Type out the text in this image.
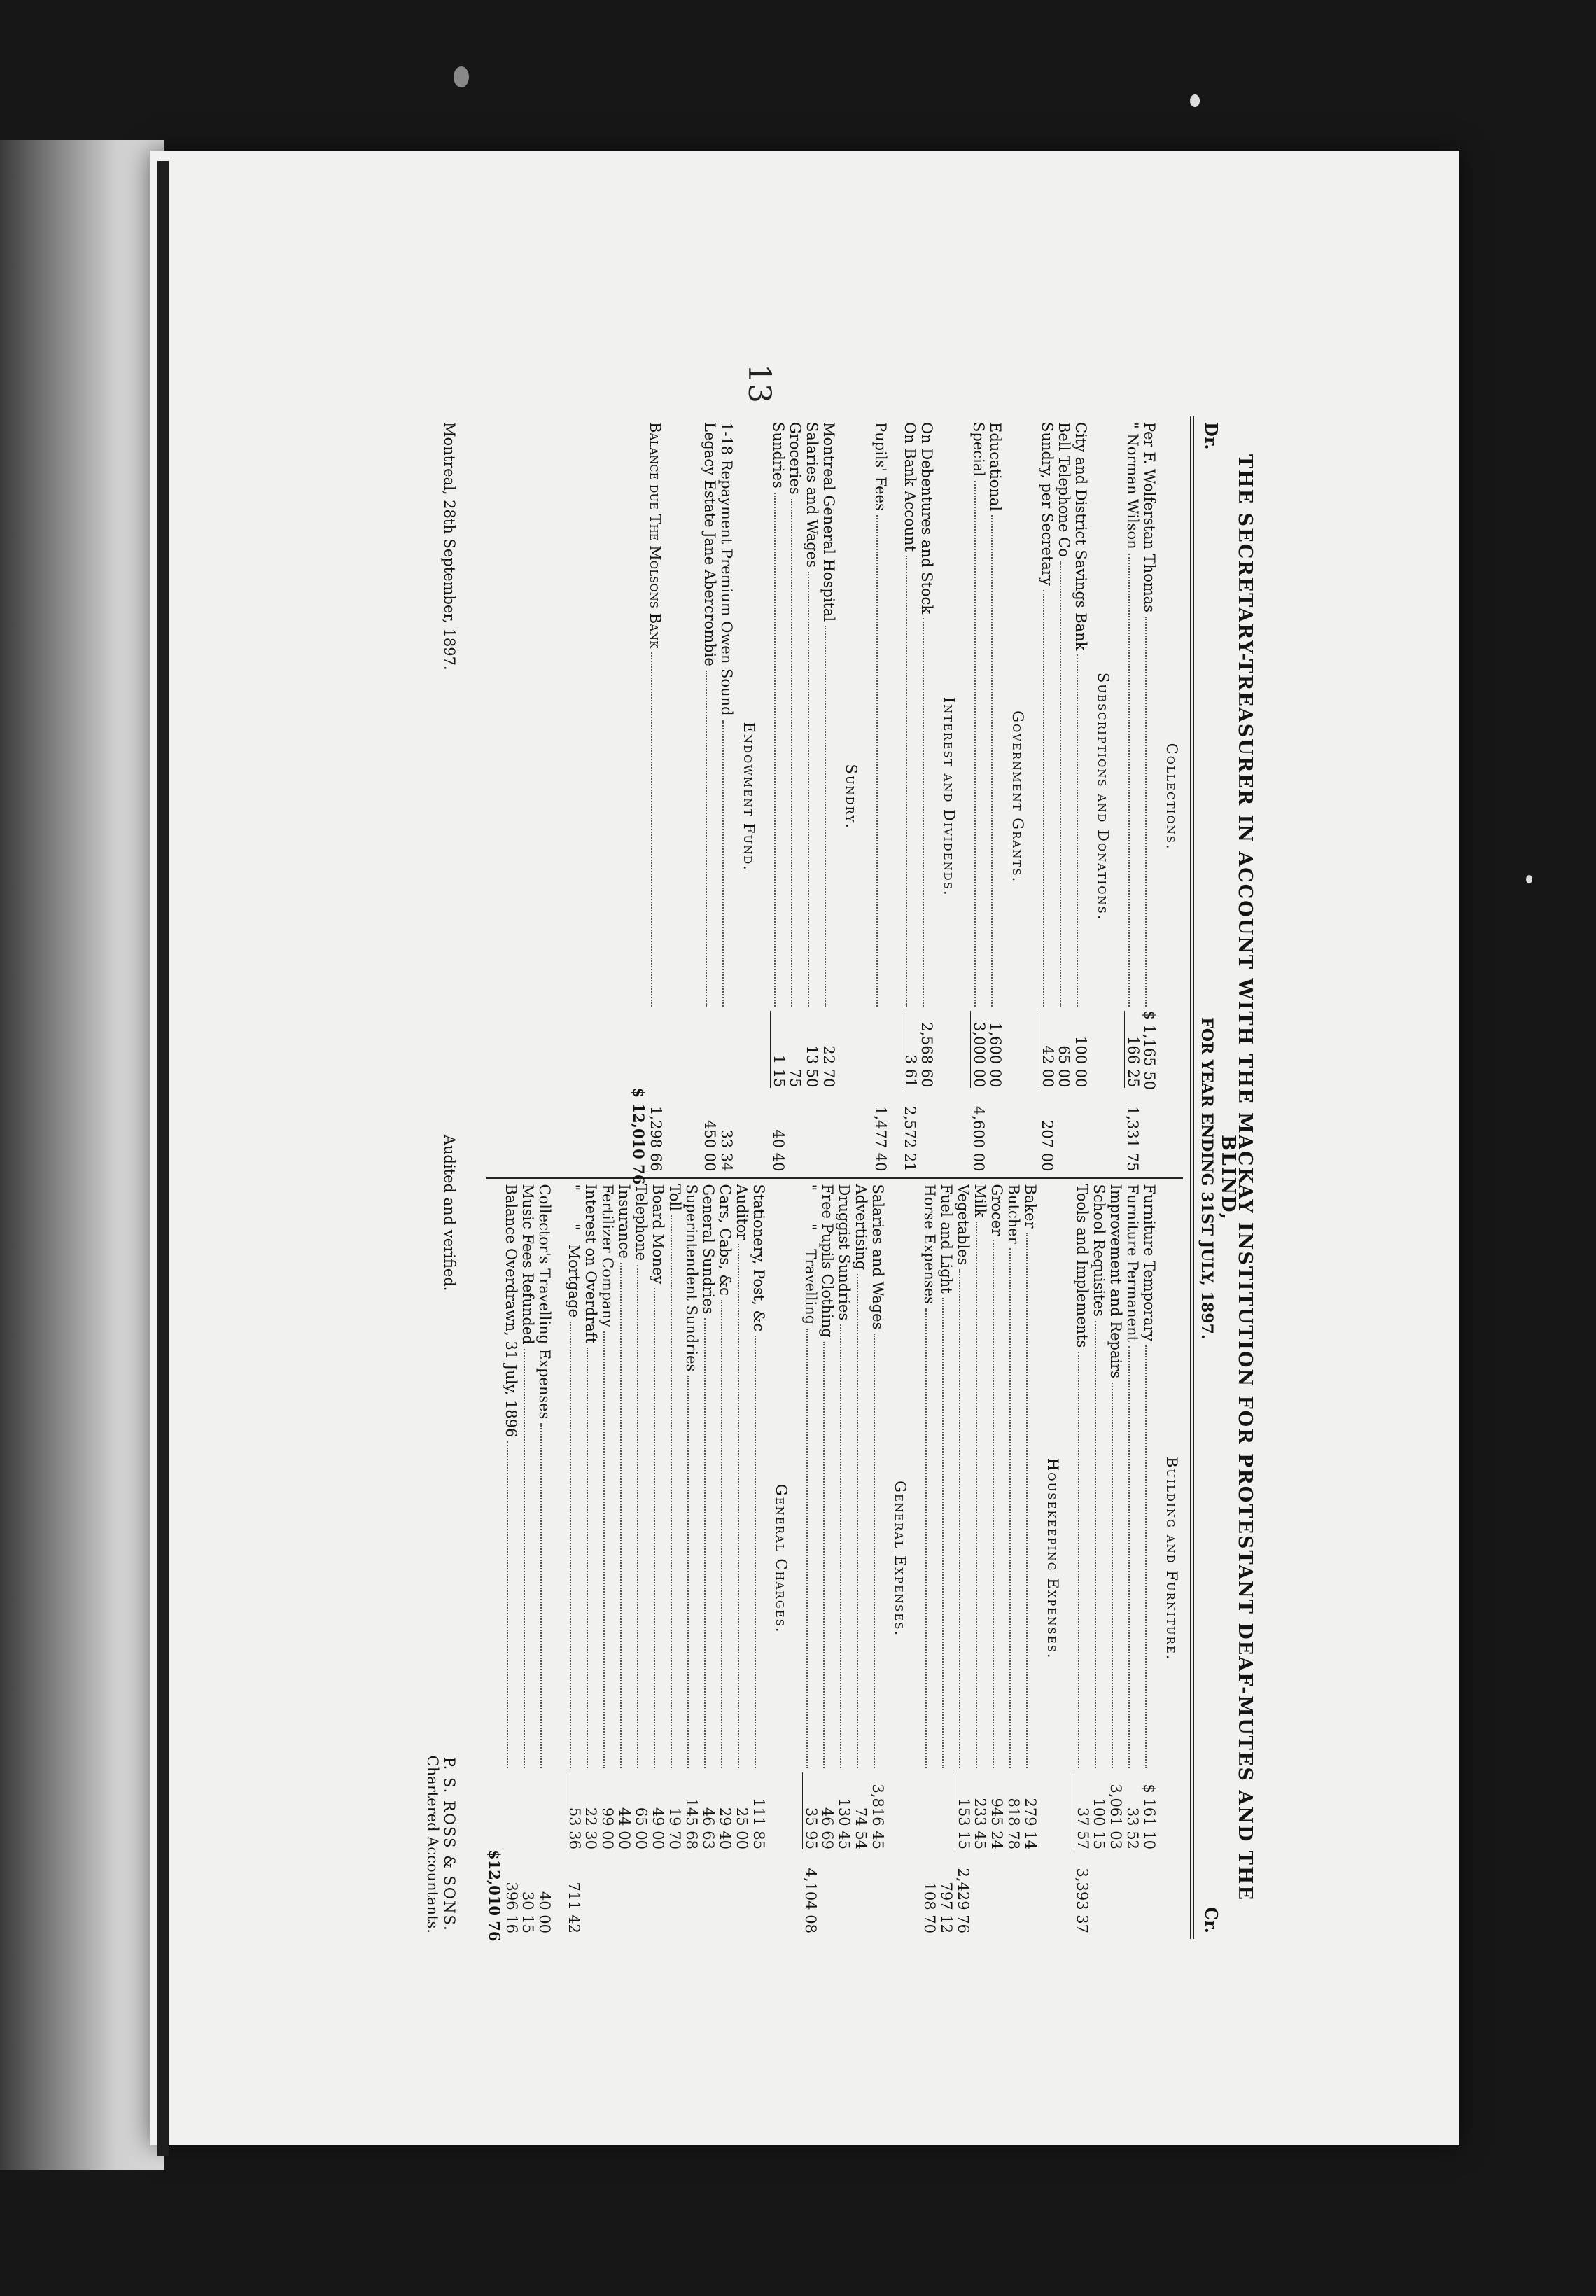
13
THE SECRETARY-TREASURER IN ACCOUNT WITH THE MACKAY INSTITUTION FOR PROTESTANT DEAF-MUTES AND THE BLIND,
Dr.
FOR YEAR ENDING 31ST JULY, 1897.
Cr.
Collections.
Per F. Wolferstan Thomas
$ 1,165 50
" Norman Wilson
166 25
1,331 75
Subscriptions and Donations.
City and District Savings Bank
100 00
Bell Telephone Co
65 00
Sundry, per Secretary
42 00
207 00
Government Grants.
Educational
1,600 00
Special
3,000 00
4,600 00
Interest and Dividends.
On Debentures and Stock
2,568 60
On Bank Account
3 61
2,572 21
Pupils' Fees
1,477 40
Sundry.
Montreal General Hospital
22 70
Salaries and Wages
13 50
Groceries
75
Sundries
1 15
40 40
Endowment Fund.
1-18 Repayment Premium Owen Sound
33 34
Legacy Estate Jane Abercrombie
450 00
Balance due The Molsons Bank
1,298 66
$ 12,010 76
Building and Furniture.
Furniture Temporary
$ 161 10
Furniture Permanent
33 52
Improvement and Repairs
3,061 03
School Requisites
100 15
Tools and Implements
37 57
3,393 37
Housekeeping Expenses.
Baker
279 14
Butcher
818 78
Grocer
945 24
Milk
233 45
Vegetables
153 15
2,429 76
Fuel and Light
797 12
Horse Expenses
108 70
General Expenses.
Salaries and Wages
3,816 45
Advertising
74 54
Druggist Sundries
130 45
Free Pupils Clothing
46 69
"       "    Travelling
35 95
4,104 08
General Charges.
Stationery, Post, &c
111 85
Auditor
25 00
Cars, Cabs, &c
29 40
General Sundries
46 63
Superintendent Sundries
145 68
Toll
19 70
Board Money
49 00
Telephone
65 00
Insurance
44 00
Fertilizer Company
99 00
Interest on Overdraft
22 30
"       "   Mortgage
53 36
711 42
Collector's Travelling Expenses
40 00
Music Fees Refunded
30 15
Balance Overdrawn, 31 July, 1896
396 16
$12,010 76
Montreal, 28th September, 1897.
Audited and verified.
P. S. ROSS & SONS.
Chartered Accountants.
